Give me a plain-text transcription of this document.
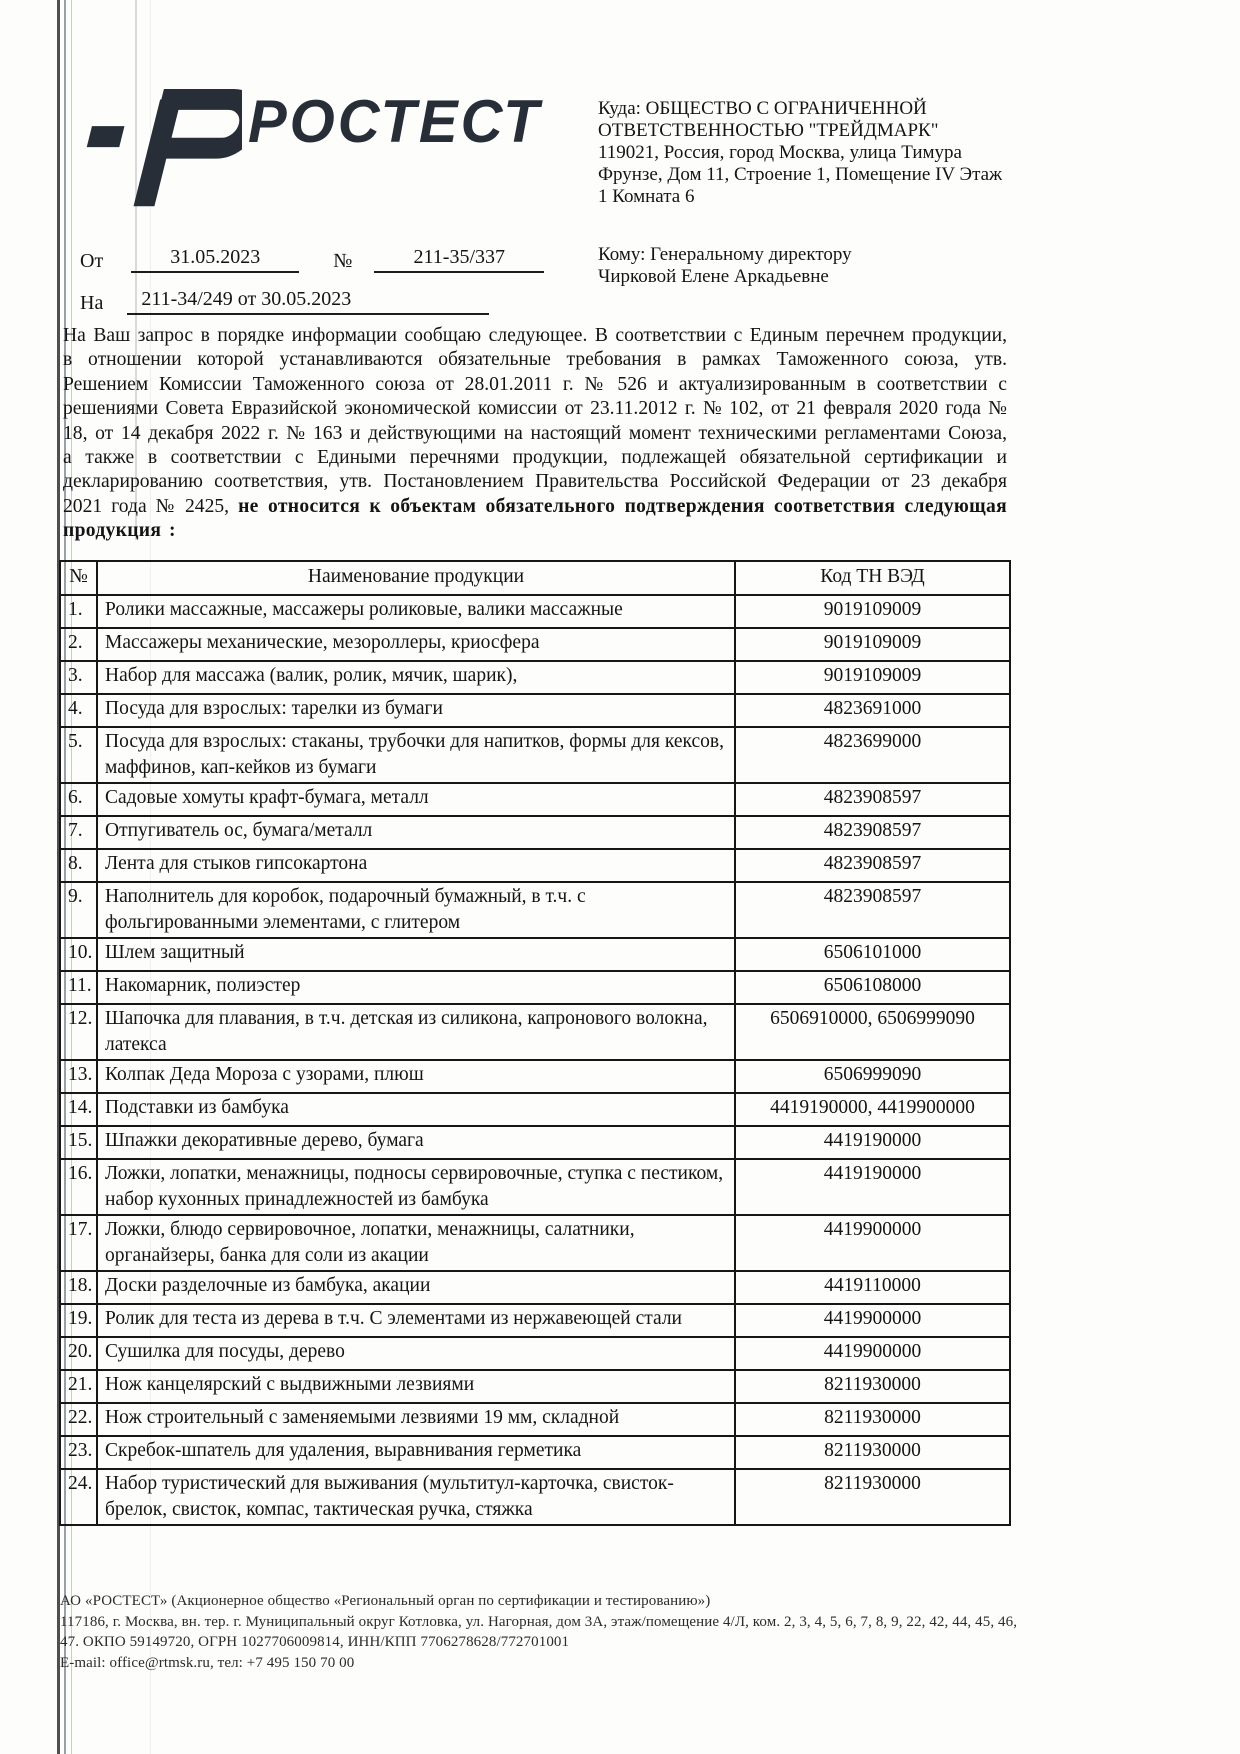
РОСТЕСТ
От	31.05.2023	№	211-35/337
На 211-34/249 от 30.05.2023
Куда: ОБЩЕСТВО С ОГРАНИЧЕННОЙ
ОТВЕТСТВЕННОСТЬЮ "ТРЕЙДМАРК"
119021, Россия, город Москва, улица Тимура
Фрунзе, Дом 11, Строение 1, Помещение IV Этаж
1 Комната 6
Кому: Генеральному директору
Чирковой Елене Аркадьевне
На Ваш запрос в порядке информации сообщаю следующее. В соответствии с Единым перечнем продукции, в отношении которой устанавливаются обязательные требования в рамках Таможенного союза, утв. Решением Комиссии Таможенного союза от 28.01.2011 г. № 526 и актуализированным в соответствии с решениями Совета Евразийской экономической комиссии от 23.11.2012 г. № 102, от 21 февраля 2020 года № 18, от 14 декабря 2022 г. № 163 и действующими на настоящий момент техническими регламентами Союза, а также в соответствии с Едиными перечнями продукции, подлежащей обязательной сертификации и декларированию соответствия, утв. Постановлением Правительства Российской Федерации от 23 декабря 2021 года № 2425, не относится к объектам обязательного подтверждения соответствия следующая продукция :
№	Наименование продукции	Код ТН ВЭД
1.	Ролики массажные, массажеры роликовые, валики массажные	9019109009
2.	Массажеры механические, мезороллеры, криосфера	9019109009
3.	Набор для массажа (валик, ролик, мячик, шарик),	9019109009
4.	Посуда для взрослых: тарелки из бумаги	4823691000
5.	Посуда для взрослых: стаканы, трубочки для напитков, формы для кексов, маффинов, кап-кейков из бумаги	4823699000
6.	Садовые хомуты крафт-бумага, металл	4823908597
7.	Отпугиватель ос, бумага/металл	4823908597
8.	Лента для стыков гипсокартона	4823908597
9.	Наполнитель для коробок, подарочный бумажный, в т.ч. с фольгированными элементами, с глитером	4823908597
10.	Шлем защитный	6506101000
11.	Накомарник, полиэстер	6506108000
12.	Шапочка для плавания, в т.ч. детская из силикона, капронового волокна, латекса	6506910000, 6506999090
13.	Колпак Деда Мороза с узорами, плюш	6506999090
14.	Подставки из бамбука	4419190000, 4419900000
15.	Шпажки декоративные дерево, бумага	4419190000
16.	Ложки, лопатки, менажницы, подносы сервировочные, ступка с пестиком, набор кухонных принадлежностей из бамбука	4419190000
17.	Ложки, блюдо сервировочное, лопатки, менажницы, салатники, органайзеры, банка для соли из акации	4419900000
18.	Доски разделочные из бамбука, акации	4419110000
19.	Ролик для теста из дерева в т.ч. С элементами из нержавеющей стали	4419900000
20.	Сушилка для посуды, дерево	4419900000
21.	Нож канцелярский с выдвижными лезвиями	8211930000
22.	Нож строительный с заменяемыми лезвиями 19 мм, складной	8211930000
23.	Скребок-шпатель для удаления, выравнивания герметика	8211930000
24.	Набор туристический для выживания (мультитул-карточка, свисток-брелок, свисток, компас, тактическая ручка, стяжка	8211930000
АО «РОСТЕСТ» (Акционерное общество «Региональный орган по сертификации и тестированию»)
117186, г. Москва, вн. тер. г. Муниципальный округ Котловка, ул. Нагорная, дом 3А, этаж/помещение 4/Л, ком. 2, 3, 4, 5, 6, 7, 8, 9, 22, 42, 44, 45, 46,
47. ОКПО 59149720, ОГРН 1027706009814, ИНН/КПП 7706278628/772701001
E-mail: office@rtmsk.ru, тел: +7 495 150 70 00
